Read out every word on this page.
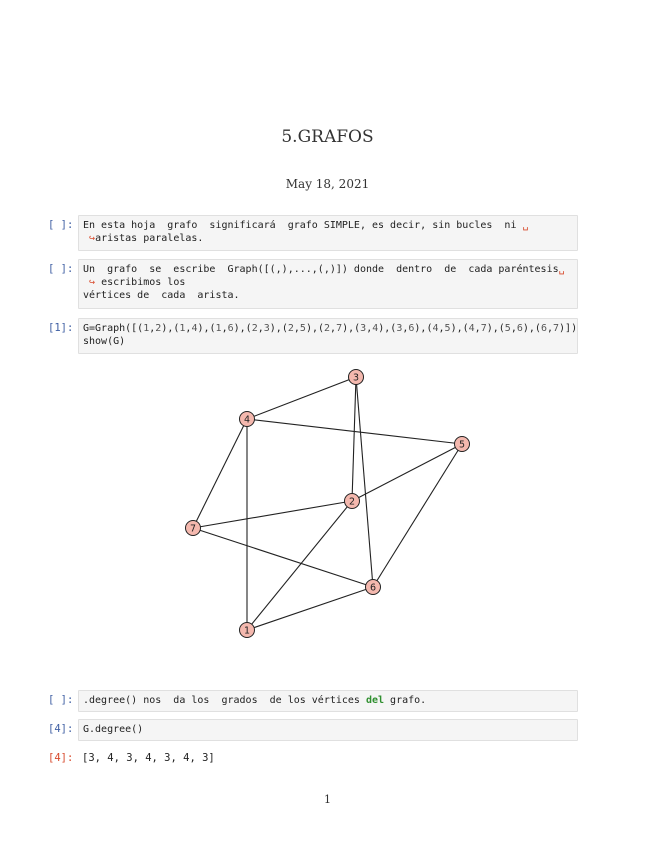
5.GRAFOS
May 18, 2021
[ ]: En esta hoja  grafo  significará  grafo SIMPLE, es decir, sin bucles  ni ␣
↪aristas paralelas.
[ ]: Un  grafo  se  escribe  Graph([(,),...,(,)]) donde  dentro  de  cada paréntesis␣
↪ escribimos los
vértices de  cada  arista.
[1]: G=Graph([(1,2),(1,4),(1,6),(2,3),(2,5),(2,7),(3,4),(3,6),(4,5),(4,7),(5,6),(6,7)])
show(G)
1
2
3
4
5
6
7
[ ]: .degree() nos  da los  grados  de los vértices del grafo.
[4]: G.degree()
[4]: [3, 4, 3, 4, 3, 4, 3]
1
